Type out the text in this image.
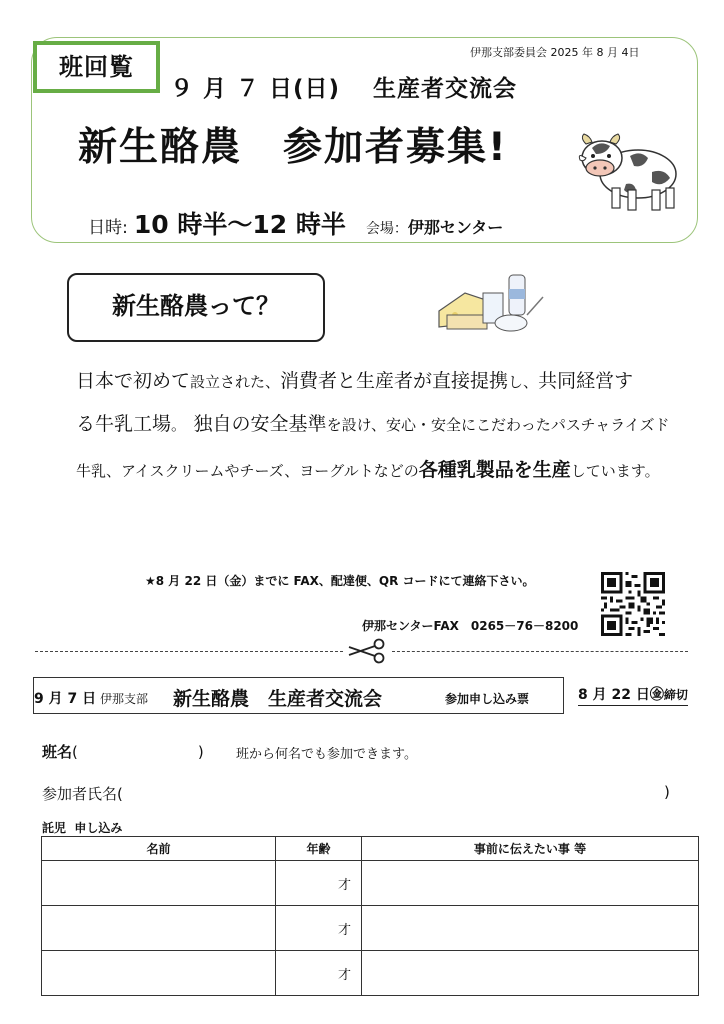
班回覧
伊那支部委員会 2025 年 8 月 4日
９ 月 ７ 日(日)　 生産者交流会
新生酪農　参加者募集!

日時: 10 時半～12 時半 会場：伊那センター

新生酪農って？
日本で初めて設立された、消費者と生産者が直接提携し、共同経営す
る牛乳工場。　独自の安全基準を設け、安心・安全にこだわったパスチャライズド
牛乳、アイスクリームやチーズ、ヨーグルトなどの各種乳製品を生産しています。
★8 月 22 日（金）までに FAX、配達便、QR コードにて連絡下さい。
伊那センターFAX　0265－76－8200
9 月 7 日 伊那支部 新生酪農　生産者交流会	参加申し込み票	8 月 22 日㊎締切
班名(　　　　　　　　) 班から何名でも参加できます。
参加者氏名(	)
託児  申し込み
名前	年齢	事前に伝えたい事 等
	才	
	才	
	才	
